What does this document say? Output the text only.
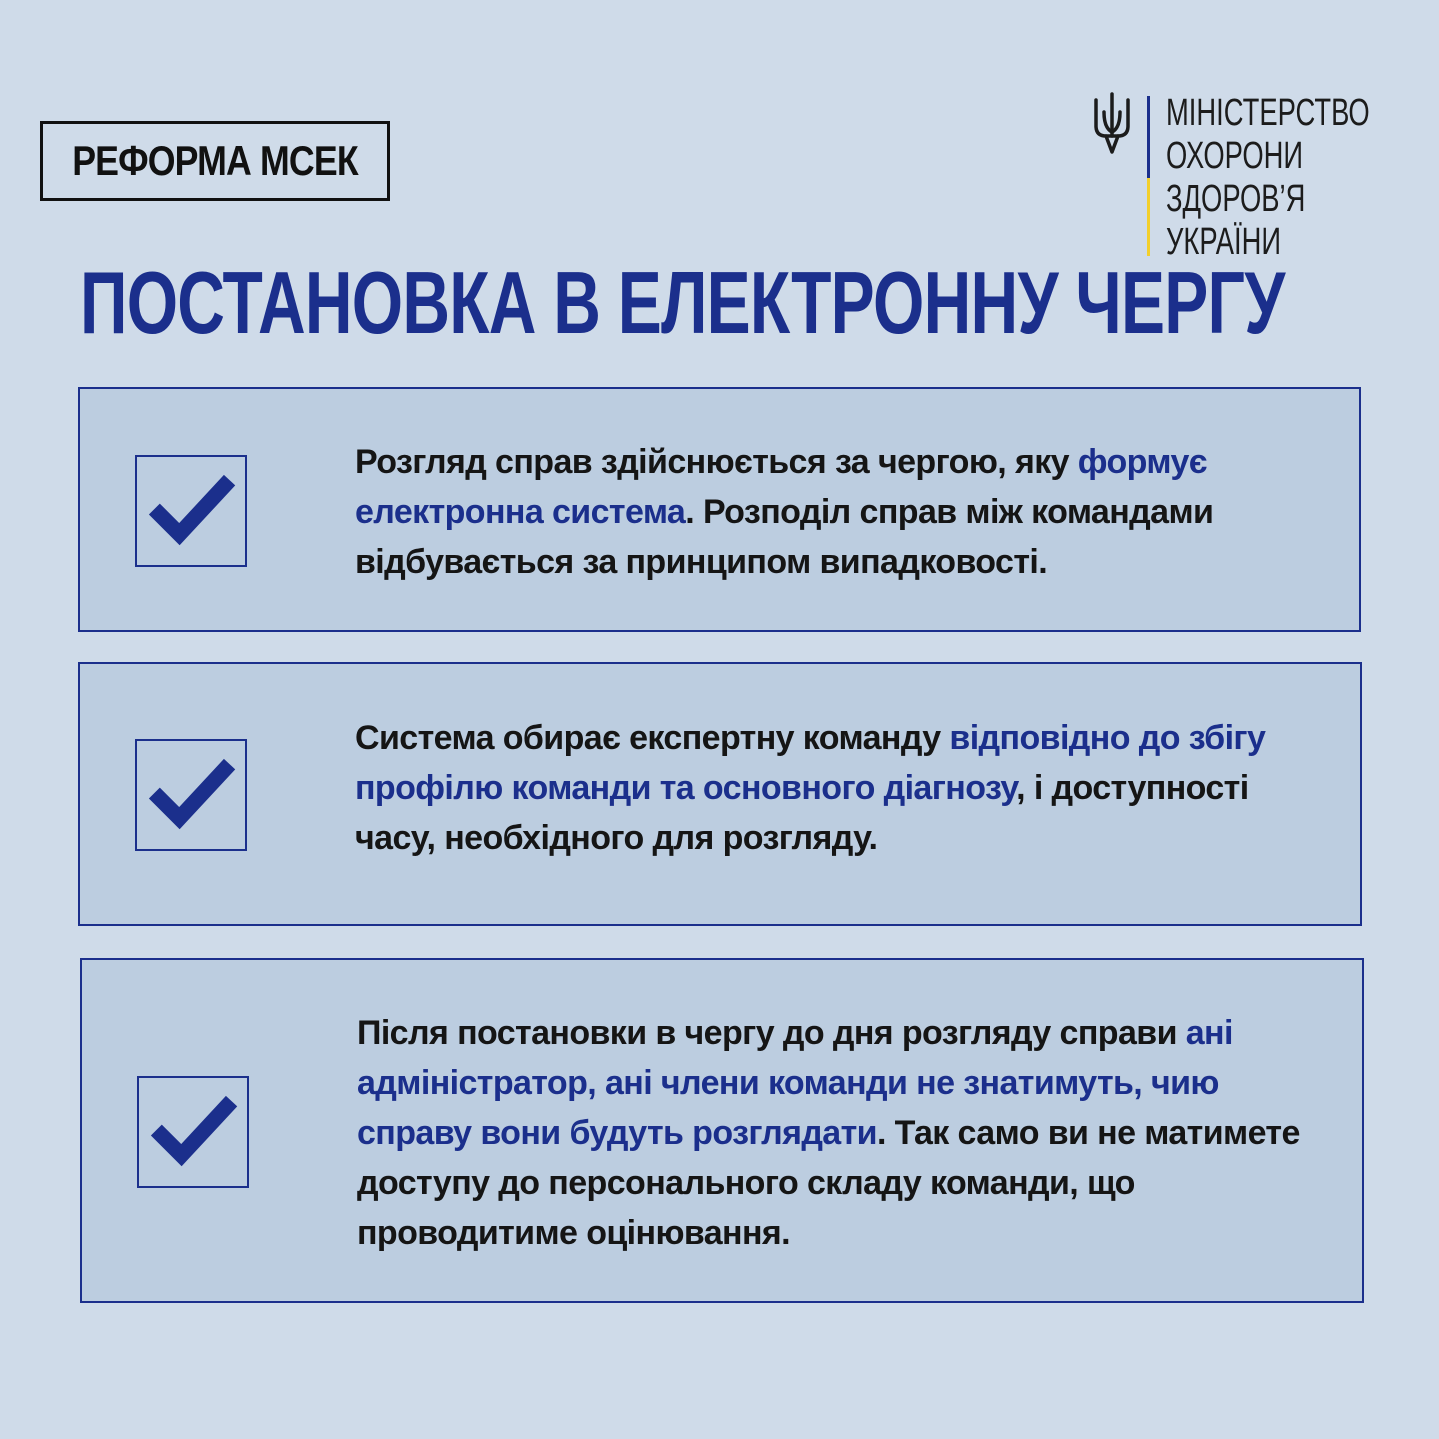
РЕФОРМА МСЕК
МІНІСТЕРСТВО
ОХОРОНИ
ЗДОРОВ’Я
УКРАЇНИ
ПОСТАНОВКА В ЕЛЕКТРОННУ ЧЕРГУ
Розгляд справ здійснюється за чергою, яку формує електронна система. Розподіл справ між командами відбувається за принципом випадковості.
Система обирає експертну команду відповідно до збігу профілю команди та основного діагнозу, і доступності часу, необхідного для розгляду.
Після постановки в чергу до дня розгляду справи ані адміністратор, ані члени команди не знатимуть, чию справу вони будуть розглядати. Так само ви не матимете доступу до персонального складу команди, що проводитиме оцінювання.
